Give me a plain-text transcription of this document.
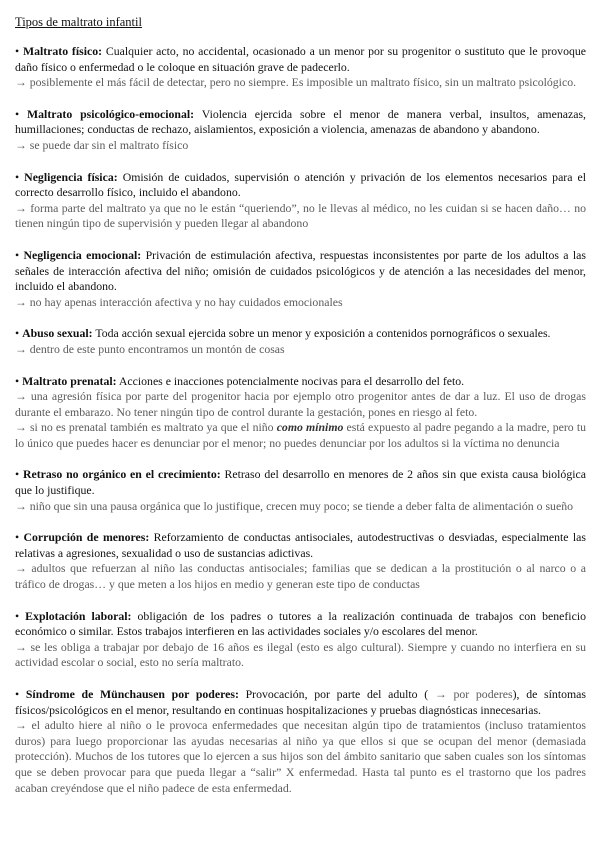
Tipos de maltrato infantil

• Maltrato físico: Cualquier acto, no accidental, ocasionado a un menor por su progenitor o sustituto que le provoque daño físico o enfermedad o le coloque en situación grave de padecerlo.

→ posiblemente el más fácil de detectar, pero no siempre. Es imposible un maltrato físico, sin un maltrato psicológico.

• Maltrato psicológico-emocional: Violencia ejercida sobre el menor de manera verbal, insultos, amenazas, humillaciones; conductas de rechazo, aislamientos, exposición a violencia, amenazas de abandono y abandono.

→ se puede dar sin el maltrato físico

• Negligencia física: Omisión de cuidados, supervisión o atención y privación de los elementos necesarios para el correcto desarrollo físico, incluido el abandono.

→ forma parte del maltrato ya que no le están “queriendo”, no le llevas al médico, no les cuidan si se hacen daño… no tienen ningún tipo de supervisión y pueden llegar al abandono

• Negligencia emocional: Privación de estimulación afectiva, respuestas inconsistentes por parte de los adultos a las señales de interacción afectiva del niño; omisión de cuidados psicológicos y de atención a las necesidades del menor, incluido el abandono.

→ no hay apenas interacción afectiva y no hay cuidados emocionales

• Abuso sexual: Toda acción sexual ejercida sobre un menor y exposición a contenidos pornográficos o sexuales.

→ dentro de este punto encontramos un montón de cosas

• Maltrato prenatal: Acciones e inacciones potencialmente nocivas para el desarrollo del feto.

→ una agresión física por parte del progenitor hacia por ejemplo otro progenitor antes de dar a luz. El uso de drogas durante el embarazo. No tener ningún tipo de control durante la gestación, pones en riesgo al feto.

→ si no es prenatal también es maltrato ya que el niño como mínimo está expuesto al padre pegando a la madre, pero tu lo único que puedes hacer es denunciar por el menor; no puedes denunciar por los adultos si la víctima no denuncia

• Retraso no orgánico en el crecimiento: Retraso del desarrollo en menores de 2 años sin que exista causa biológica que lo justifique.

→ niño que sin una pausa orgánica que lo justifique, crecen muy poco; se tiende a deber falta de alimentación o sueño

• Corrupción de menores: Reforzamiento de conductas antisociales, autodestructivas o desviadas, especialmente las relativas a agresiones, sexualidad o uso de sustancias adictivas.

→ adultos que refuerzan al niño las conductas antisociales; familias que se dedican a la prostitución o al narco o a tráfico de drogas… y que meten a los hijos en medio y generan este tipo de conductas

• Explotación laboral: obligación de los padres o tutores a la realización continuada de trabajos con beneficio económico o similar. Estos trabajos interfieren en las actividades sociales y/o escolares del menor.

→ se les obliga a trabajar por debajo de 16 años es ilegal (esto es algo cultural). Siempre y cuando no interfiera en su actividad escolar o social, esto no sería maltrato.

• Síndrome de Münchausen por poderes: Provocación, por parte del adulto ( → por poderes), de síntomas físicos/psicológicos en el menor, resultando en continuas hospitalizaciones y pruebas diagnósticas innecesarias.

→ el adulto hiere al niño o le provoca enfermedades que necesitan algún tipo de tratamientos (incluso tratamientos duros) para luego proporcionar las ayudas necesarias al niño ya que ellos si que se ocupan del menor (demasiada protección). Muchos de los tutores que lo ejercen a sus hijos son del ámbito sanitario que saben cuales son los síntomas que se deben provocar para que pueda llegar a “salir” X enfermedad. Hasta tal punto es el trastorno que los padres acaban creyéndose que el niño padece de esta enfermedad.
